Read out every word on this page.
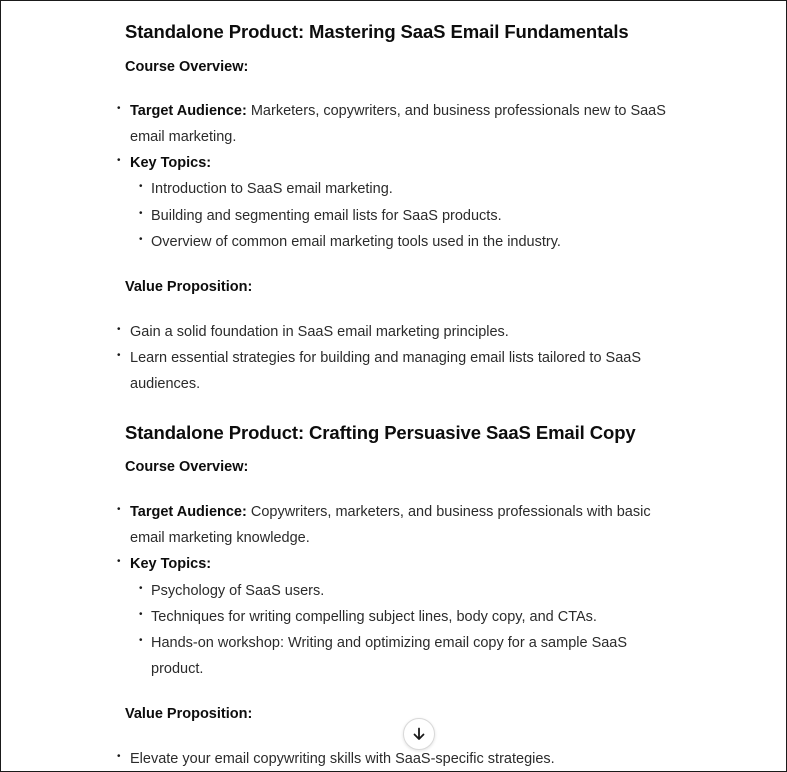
Standalone Product: Mastering SaaS Email Fundamentals
Course Overview:
• Target Audience: Marketers, copywriters, and business professionals new to SaaS email marketing.
• Key Topics:
• Introduction to SaaS email marketing.
• Building and segmenting email lists for SaaS products.
• Overview of common email marketing tools used in the industry.
Value Proposition:
• Gain a solid foundation in SaaS email marketing principles.
• Learn essential strategies for building and managing email lists tailored to SaaS audiences.
Standalone Product: Crafting Persuasive SaaS Email Copy
Course Overview:
• Target Audience: Copywriters, marketers, and business professionals with basic email marketing knowledge.
• Key Topics:
• Psychology of SaaS users.
• Techniques for writing compelling subject lines, body copy, and CTAs.
• Hands-on workshop: Writing and optimizing email copy for a sample SaaS product.
Value Proposition:
• Elevate your email copywriting skills with SaaS-specific strategies.
